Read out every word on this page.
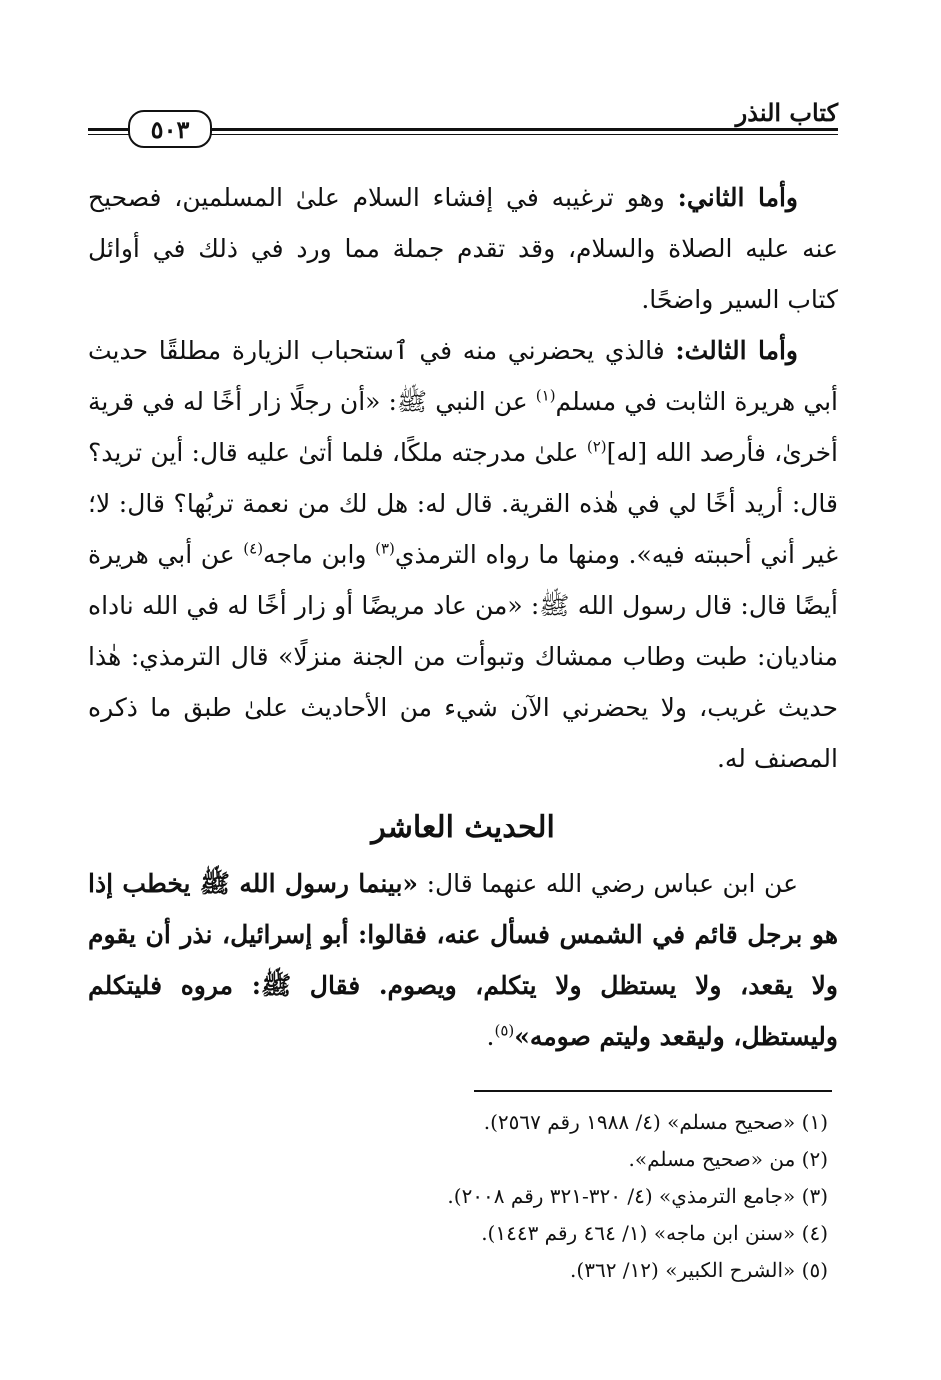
٥٠٣
كتاب النذر

وأما الثاني: وهو ترغيبه في إفشاء السلام علىٰ المسلمين، فصحيح عنه عليه الصلاة والسلام، وقد تقدم جملة مما ورد في ذلك في أوائل كتاب السير واضحًا.

وأما الثالث: فالذي يحضرني منه في ٱستحباب الزيارة مطلقًا حديث أبي هريرة الثابت في مسلم$^{(١)}$ عن النبي ﷺ: «أن رجلًا زار أخًا له في قرية أخرىٰ، فأرصد الله [له]$^{(٢)}$ علىٰ مدرجته ملكًا، فلما أتىٰ عليه قال: أين تريد؟ قال: أريد أخًا لي في هٰذه القرية. قال له: هل لك من نعمة تربُها؟ قال: لا؛ غير أني أحببته فيه». ومنها ما رواه الترمذي$^{(٣)}$ وابن ماجه$^{(٤)}$ عن أبي هريرة أيضًا قال: قال رسول الله ﷺ: «من عاد مريضًا أو زار أخًا له في الله ناداه مناديان: طبت وطاب ممشاك وتبوأت من الجنة منزلًا» قال الترمذي: هٰذا حديث غريب، ولا يحضرني الآن شيء من الأحاديث علىٰ طبق ما ذكره المصنف له.

الحديث العاشر

عن ابن عباس رضي الله عنهما قال: «بينما رسول الله ﷺ يخطب إذا هو برجل قائم في الشمس فسأل عنه، فقالوا: أبو إسرائيل، نذر أن يقوم ولا يقعد، ولا يستظل ولا يتكلم، ويصوم. فقال ﷺ: مروه فليتكلم وليستظل، وليقعد وليتم صومه»$^{(٥)}$.

(١) «صحيح مسلم» (٤/ ١٩٨٨ رقم ٢٥٦٧).
(٢) من «صحيح مسلم».
(٣) «جامع الترمذي» (٤/ ٣٢٠-٣٢١ رقم ٢٠٠٨).
(٤) «سنن ابن ماجه» (١/ ٤٦٤ رقم ١٤٤٣).
(٥) «الشرح الكبير» (١٢/ ٣٦٢).
